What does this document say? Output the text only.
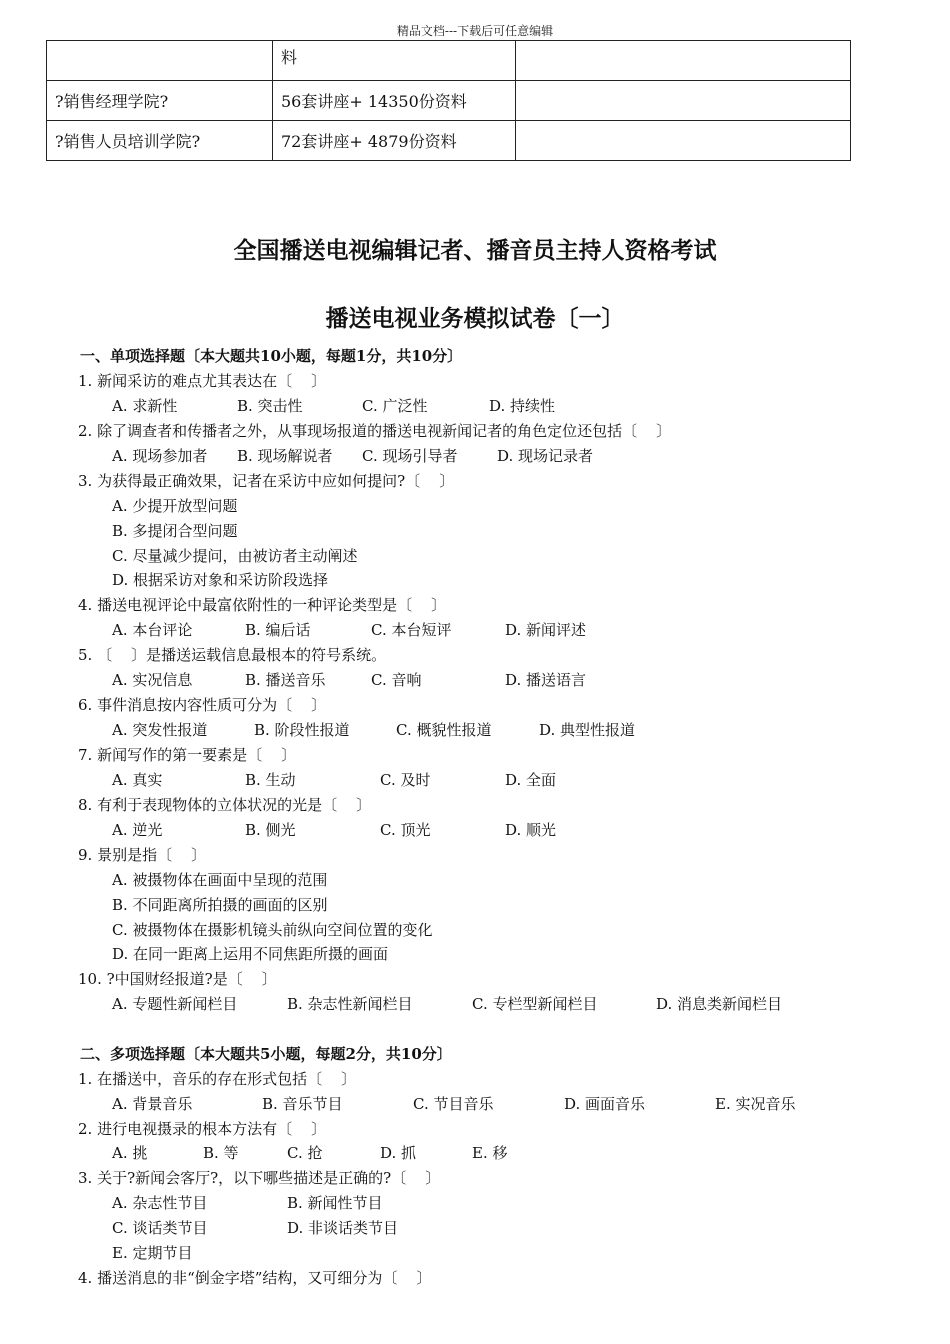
精品文档---下载后可任意编辑
	料	
?销售经理学院?	56套讲座+ 14350份资料	
?销售人员培训学院?	72套讲座+ 4879份资料	
全国播送电视编辑记者、播音员主持人资格考试
播送电视业务模拟试卷〔一〕
一、单项选择题〔本大题共10小题，每题1分，共10分〕
1. 新闻采访的难点尤其表达在〔    〕
A. 求新性	B. 突击性	C. 广泛性	D. 持续性
2. 除了调查者和传播者之外，从事现场报道的播送电视新闻记者的角色定位还包括〔    〕
A. 现场参加者 B. 现场解说者 C. 现场引导者	D. 现场记录者
3. 为获得最正确效果，记者在采访中应如何提问?〔    〕
A. 少提开放型问题
B. 多提闭合型问题
C. 尽量减少提问，由被访者主动阐述
D. 根据采访对象和采访阶段选择
4. 播送电视评论中最富依附性的一种评论类型是〔    〕
A. 本台评论	B. 编后话	C. 本台短评	D. 新闻评述
5. 〔    〕是播送运载信息最根本的符号系统。
A. 实况信息	B. 播送音乐	C. 音响	D. 播送语言
6. 事件消息按内容性质可分为〔    〕
A. 突发性报道	B. 阶段性报道	C. 概貌性报道	D. 典型性报道
7. 新闻写作的第一要素是〔    〕
A. 真实	B. 生动	C. 及时	D. 全面
8. 有利于表现物体的立体状况的光是〔    〕
A. 逆光	B. 侧光	C. 顶光	D. 顺光
9. 景别是指〔    〕
A. 被摄物体在画面中呈现的范围
B. 不同距离所拍摄的画面的区别
C. 被摄物体在摄影机镜头前纵向空间位置的变化
D. 在同一距离上运用不同焦距所摄的画面
10. ?中国财经报道?是〔    〕
A. 专题性新闻栏目	B. 杂志性新闻栏目	C. 专栏型新闻栏目	D. 消息类新闻栏目
二、多项选择题〔本大题共5小题，每题2分，共10分〕
1. 在播送中，音乐的存在形式包括〔    〕
A. 背景音乐	B. 音乐节目	C. 节目音乐	D. 画面音乐	E. 实况音乐
2. 进行电视摄录的根本方法有〔    〕
A. 挑	B. 等	C. 抢	D. 抓	E. 移
3. 关于?新闻会客厅?，以下哪些描述是正确的?〔    〕
A. 杂志性节目	B. 新闻性节目
C. 谈话类节目	D. 非谈话类节目
E. 定期节目
4. 播送消息的非“倒金字塔”结构，又可细分为〔    〕
